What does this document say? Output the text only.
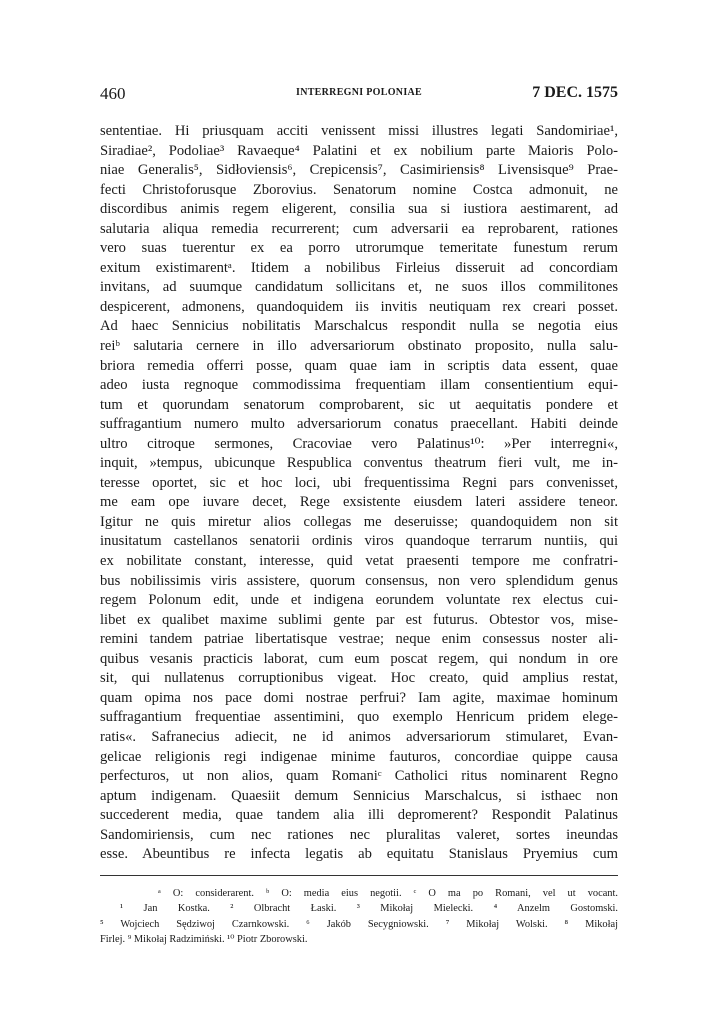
460	INTERREGNI POLONIAE	7 DEC. 1575
sententiae. Hi priusquam acciti venissent missi illustres legati Sandomiriae¹,
Siradiae², Podoliae³ Ravaeque⁴ Palatini et ex nobilium parte Maioris Polo-
niae Generalis⁵, Sidłoviensis⁶, Crepicensis⁷, Casimiriensis⁸ Livensisque⁹ Prae-
fecti Christoforusque Zborovius. Senatorum nomine Costca admonuit, ne
discordibus animis regem eligerent, consilia sua si iustiora aestimarent, ad
salutaria aliqua remedia recurrerent; cum adversarii ea reprobarent, rationes
vero suas tuerentur ex ea porro utrorumque temeritate funestum rerum
exitum existimarentᵃ. Itidem a nobilibus Firleius disseruit ad concordiam
invitans, ad suumque candidatum sollicitans et, ne suos illos commilitones
despicerent, admonens, quandoquidem iis invitis neutiquam rex creari posset.
Ad haec Sennicius nobilitatis Marschalcus respondit nulla se negotia eius
reiᵇ salutaria cernere in illo adversariorum obstinato proposito, nulla salu-
briora remedia offerri posse, quam quae iam in scriptis data essent, quae
adeo iusta regnoque commodissima frequentiam illam consentientium equi-
tum et quorundam senatorum comprobarent, sic ut aequitatis pondere et
suffragantium numero multo adversariorum conatus praecellant. Habiti deinde
ultro citroque sermones, Cracoviae vero Palatinus¹⁰: »Per interregni«,
inquit, »tempus, ubicunque Respublica conventus theatrum fieri vult, me in-
teresse oportet, sic et hoc loci, ubi frequentissima Regni pars convenisset,
me eam ope iuvare decet, Rege exsistente eiusdem lateri assidere teneor.
Igitur ne quis miretur alios collegas me deseruisse; quandoquidem non sit
inusitatum castellanos senatorii ordinis viros quandoque terrarum nuntiis, qui
ex nobilitate constant, interesse, quid vetat praesenti tempore me confratri-
bus nobilissimis viris assistere, quorum consensus, non vero splendidum genus
regem Polonum edit, unde et indigena eorundem voluntate rex electus cui-
libet ex qualibet maxime sublimi gente par est futurus. Obtestor vos, mise-
remini tandem patriae libertatisque vestrae; neque enim consessus noster ali-
quibus vesanis practicis laborat, cum eum poscat regem, qui nondum in ore
sit, qui nullatenus corruptionibus vigeat. Hoc creato, quid amplius restat,
quam opima nos pace domi nostrae perfrui? Iam agite, maximae hominum
suffragantium frequentiae assentimini, quo exemplo Henricum pridem elege-
ratis«. Safranecius adiecit, ne id animos adversariorum stimularet, Evan-
gelicae religionis regi indigenae minime fauturos, concordiae quippe causa
perfecturos, ut non alios, quam Romaniᶜ Catholici ritus nominarent Regno
aptum indigenam. Quaesiit demum Sennicius Marschalcus, si isthaec non
succederent media, quae tandem alia illi depromerent? Respondit Palatinus
Sandomiriensis, cum nec rationes nec pluralitas valeret, sortes ineundas
esse. Abeuntibus re infecta legatis ab equitatu Stanislaus Pryemius cum
ᵃ O: considerarent. ᵇ O: media eius negotii. ᶜ O ma po Romani, vel ut vocant.
¹ Jan Kostka. ² Olbracht Łaski. ³ Mikołaj Mielecki. ⁴ Anzelm Gostomski.
⁵ Wojciech Sędziwoj Czarnkowski. ⁶ Jakób Secygniowski. ⁷ Mikołaj Wolski. ⁸ Mikołaj
Firlej. ⁹ Mikołaj Radzimiński. ¹⁰ Piotr Zborowski.
